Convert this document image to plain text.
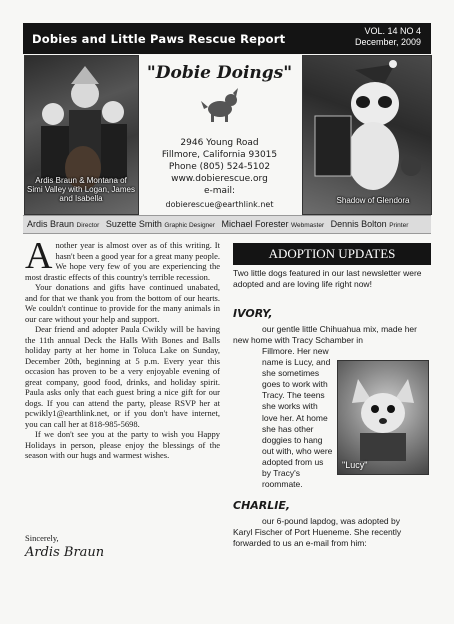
Dobies and Little Paws Rescue Report
VOL. 14 NO 4
December, 2009
Ardis Braun & Montana of Simi Valley with Logan, James and Isabella
"Dobie Doings"
2946 Young Road
Fillmore, California 93015
Phone (805) 524-5102
www.dobierescue.org
e-mail:
dobierescue@earthlink.net	Shadow of Glendora
Ardis Braun Director Suzette Smith Graphic Designer Michael Forester Webmaster Dennis Bolton Printer

Another year is almost over as of this writing. It hasn't been a good year for a great many people. We hope very few of you are experiencing the most drastic effects of this country's terrible recession.

Your donations and gifts have continued unabated, and for that we thank you from the bottom of our hearts. We couldn't continue to provide for the many animals in our care without your help and support.

Dear friend and adopter Paula Cwikly will be having the 11th annual Deck the Halls With Bones and Balls holiday party at her home in Toluca Lake on Sunday, December 20th, beginning at 5 p.m. Every year this occasion has proven to be a very enjoyable evening of great company, good food, drinks, and holiday spirit. Paula asks only that each guest bring a nice gift for our dogs. If you can attend the party, please RSVP her at pcwikly1@earthlink.net, or if you don't have internet, you can call her at 818-985-5698.

If we don't see you at the party to wish you Happy Holidays in person, please enjoy the blessings of the season with our hugs and warmest wishes.

Sincerely,
Ardis Braun
ADOPTION UPDATES
Two little dogs featured in our last newsletter were adopted and are loving life right now!
IVORY,
our gentle little Chihuahua mix, made her new home with Tracy Schamber in
Fillmore. Her new name is Lucy, and she sometimes goes to work with Tracy. The teens she works with love her. At home she has other doggies to hang out with, who were adopted from us by Tracy's roommate.
"Lucy"
CHARLIE,
our 6-pound lapdog, was adopted by
Karyl Fischer of Port Hueneme. She recently forwarded to us an e-mail from him:
